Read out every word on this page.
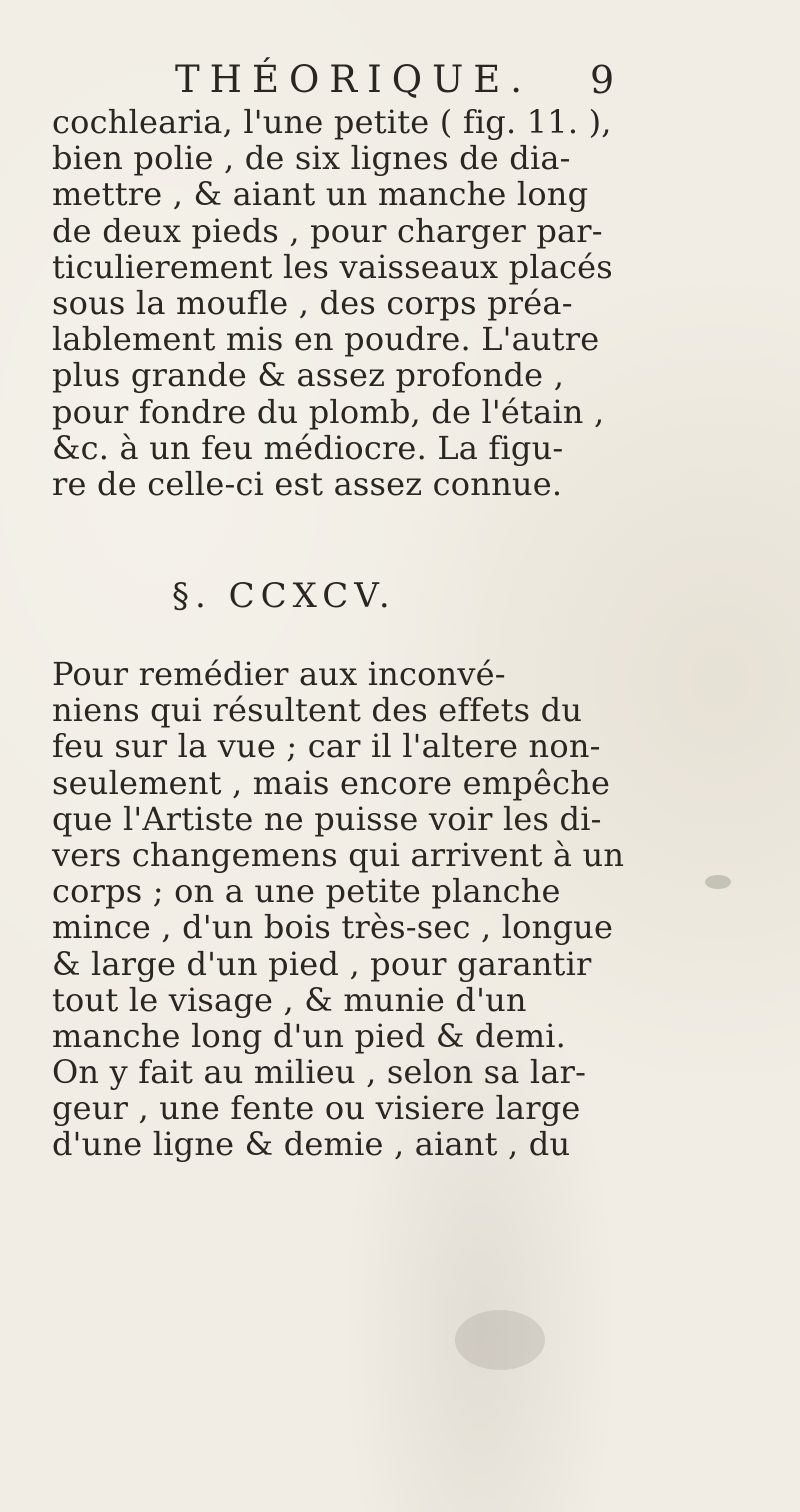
THÉORIQUE. 9
cochlearia, l'une petite ( fig. 11. ),
bien polie , de six lignes de dia-
mettre , & aiant un manche long
de deux pieds , pour charger par-
ticulierement les vaisseaux placés
sous la moufle , des corps préa-
lablement mis en poudre. L'autre
plus grande & assez profonde ,
pour fondre du plomb, de l'étain ,
&c. à un feu médiocre. La figu-
re de celle-ci est assez connue.
§. CCXCV.
Pour remédier aux inconvé-
niens qui résultent des effets du
feu sur la vue ; car il l'altere non-
seulement , mais encore empêche
que l'Artiste ne puisse voir les di-
vers changemens qui arrivent à un
corps ; on a une petite planche
mince , d'un bois très-sec , longue
& large d'un pied , pour garantir
tout le visage , & munie d'un
manche long d'un pied & demi.
On y fait au milieu , selon sa lar-
geur , une fente ou visiere large
d'une ligne & demie , aiant , du
